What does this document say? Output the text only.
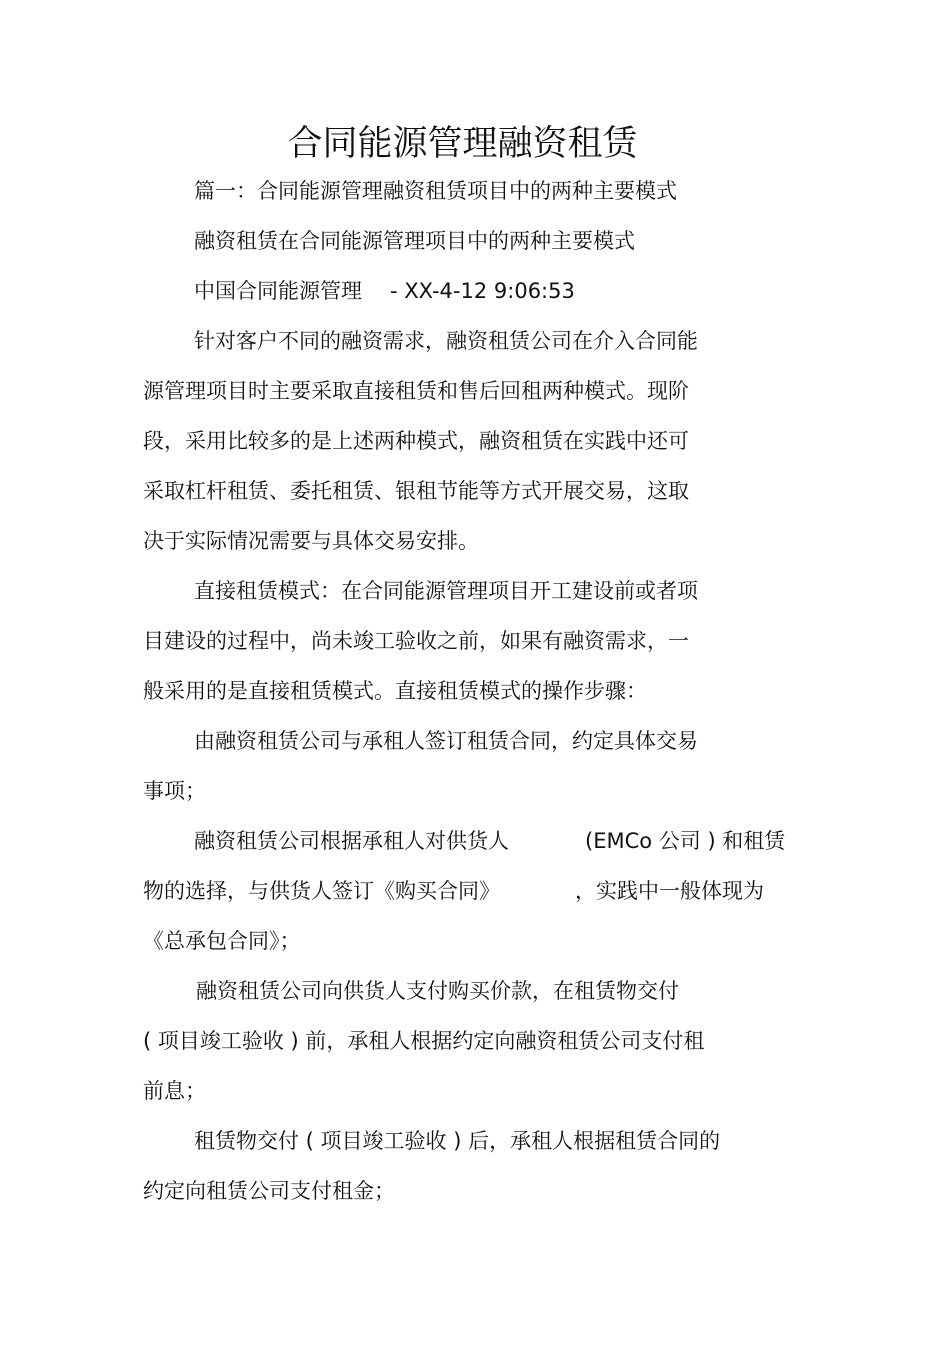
合同能源管理融资租赁
篇一：合同能源管理融资租赁项目中的两种主要模式
融资租赁在合同能源管理项目中的两种主要模式
中国合同能源管理 - XX-4-12 9:06:53
针对客户不同的融资需求，融资租赁公司在介入合同能
源管理项目时主要采取直接租赁和售后回租两种模式。现阶
段，采用比较多的是上述两种模式，融资租赁在实践中还可
采取杠杆租赁、委托租赁、银租节能等方式开展交易，这取
决于实际情况需要与具体交易安排。
直接租赁模式：在合同能源管理项目开工建设前或者项
目建设的过程中，尚未竣工验收之前，如果有融资需求，一
般采用的是直接租赁模式。直接租赁模式的操作步骤：
由融资租赁公司与承租人签订租赁合同，约定具体交易
事项；
融资租赁公司根据承租人对供货人	(EMCo 公司 ) 和租赁
物的选择，与供货人签订《购买合同》	，实践中一般体现为
《总承包合同》；
融资租赁公司向供货人支付购买价款，在租赁物交付
( 项目竣工验收 ) 前，承租人根据约定向融资租赁公司支付租
前息；
租赁物交付 ( 项目竣工验收 ) 后，承租人根据租赁合同的
约定向租赁公司支付租金；
